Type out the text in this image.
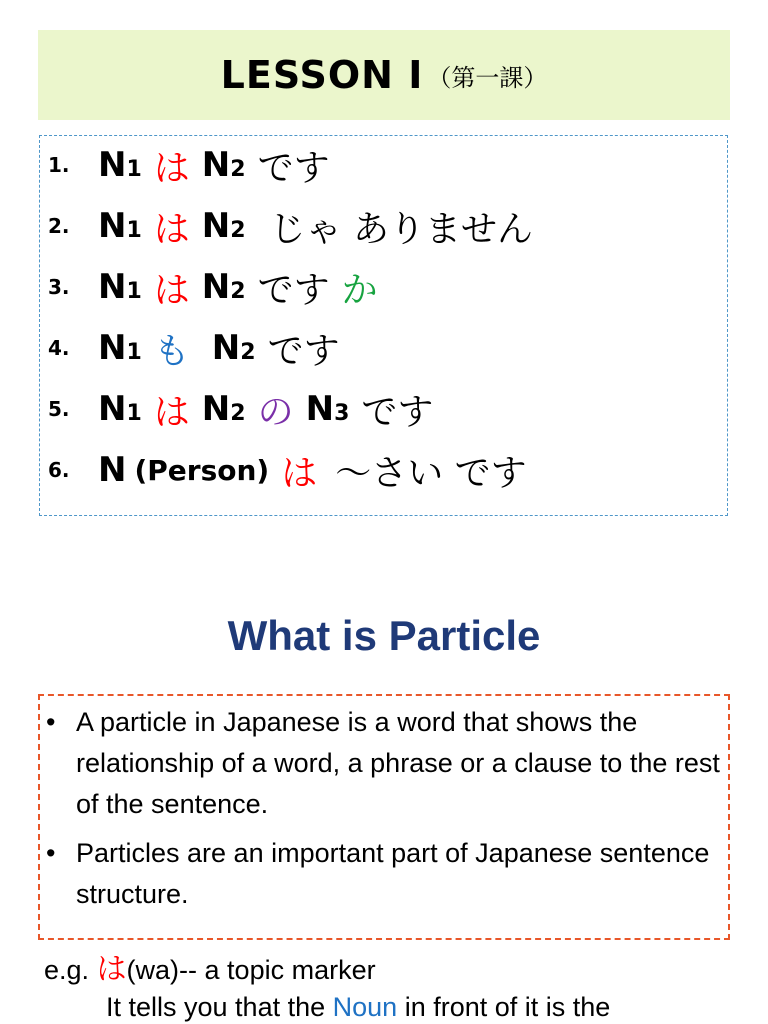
LESSON Ⅰ （第一課）
1. N1 は N2 です
2. N1 は N2 じゃ ありません
3. N1 は N2 です か
4. N1 も N2 です
5. N1 は N2 の N3 です
6. N (Person) は ～さい です
What is Particle
• A particle in Japanese is a word that shows the relationship of a word, a phrase or a clause to the rest of the sentence.
• Particles are an important part of Japanese sentence structure.
e.g. は(wa)-- a topic marker
It tells you that the Noun in front of it is the
